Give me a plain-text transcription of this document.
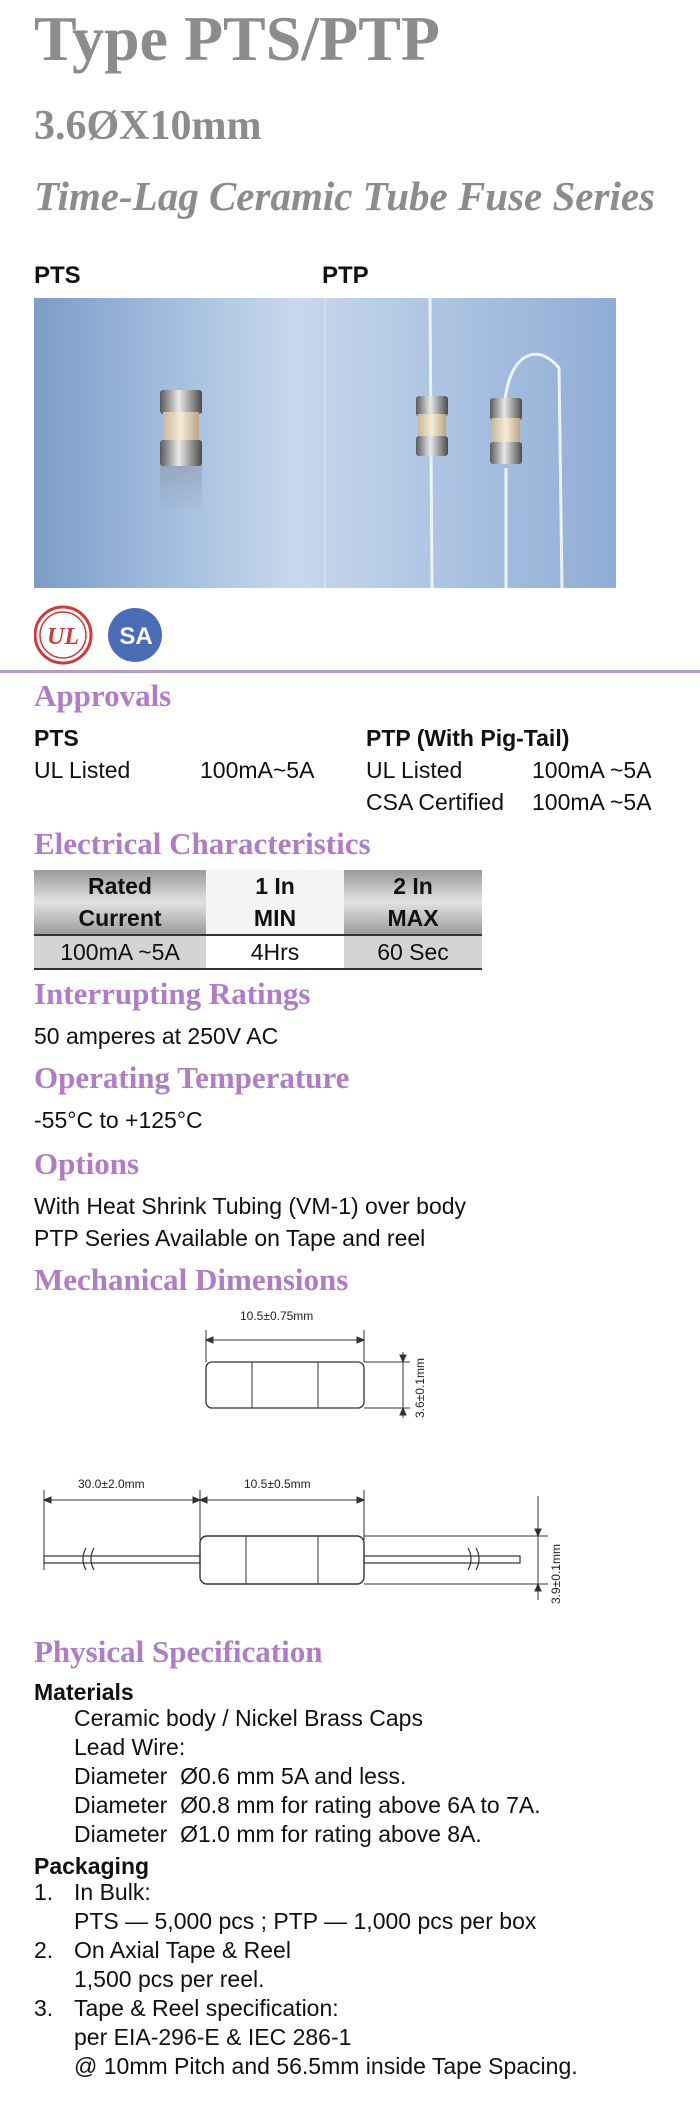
Type PTS/PTP
3.6ØX10mm
Time-Lag Ceramic Tube Fuse Series
PTS	PTP
UL SA
Approvals
PTS
UL Listed	100mA~5A
PTP (With Pig-Tail)
UL Listed	100mA ~5A
CSA Certified 100mA ~5A
Electrical Characteristics
Rated	1 In	2 In
Current	MIN	MAX
100mA ~5A	4Hrs	60 Sec
Interrupting Ratings
50 amperes at 250V AC
Operating Temperature
-55°C to +125°C
Options
With Heat Shrink Tubing (VM-1) over body
PTP Series Available on Tape and reel
Mechanical Dimensions
10.5±0.75mm
3.6±0.1mm
30.0±2.0mm	10.5±0.5mm
3.9±0.1mm
Physical Specification
Materials
Ceramic body / Nickel Brass Caps
Lead Wire:
Diameter  Ø0.6 mm 5A and less.
Diameter  Ø0.8 mm for rating above 6A to 7A.
Diameter  Ø1.0 mm for rating above 8A.
Packaging
1. In Bulk:
PTS — 5,000 pcs ; PTP — 1,000 pcs per box
2. On Axial Tape & Reel
1,500 pcs per reel.
3. Tape & Reel specification:
per EIA-296-E & IEC 286-1
@ 10mm Pitch and 56.5mm inside Tape Spacing.
